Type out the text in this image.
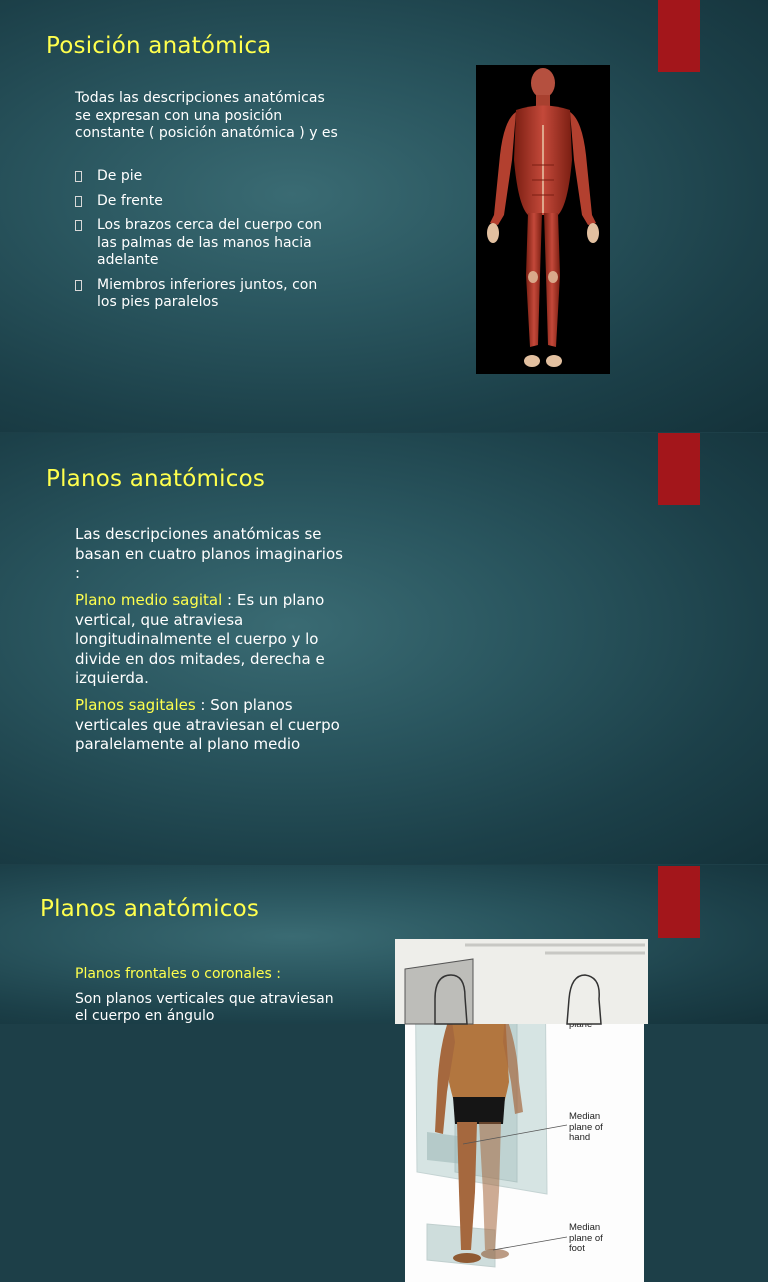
Posición anatómica

Todas las descripciones anatómicas se expresan con una posición constante ( posición anatómica ) y es

De pie
De frente
Los brazos cerca del cuerpo con las palmas de las manos hacia adelante
Miembros inferiores juntos, con los pies paralelos
Planos anatómicos

Las descripciones anatómicas se basan en cuatro planos imaginarios :

Plano medio sagital : Es un plano vertical, que atraviesa longitudinalmente el cuerpo y lo divide en dos mitades, derecha e izquierda.

Planos sagitales : Son planos verticales que atraviesan el cuerpo paralelamente al plano medio

Median plane of hand
Median plane of foot
Planos anatómicos

Planos frontales o coronales :

Son planos verticales que atraviesan el cuerpo en ángulo
